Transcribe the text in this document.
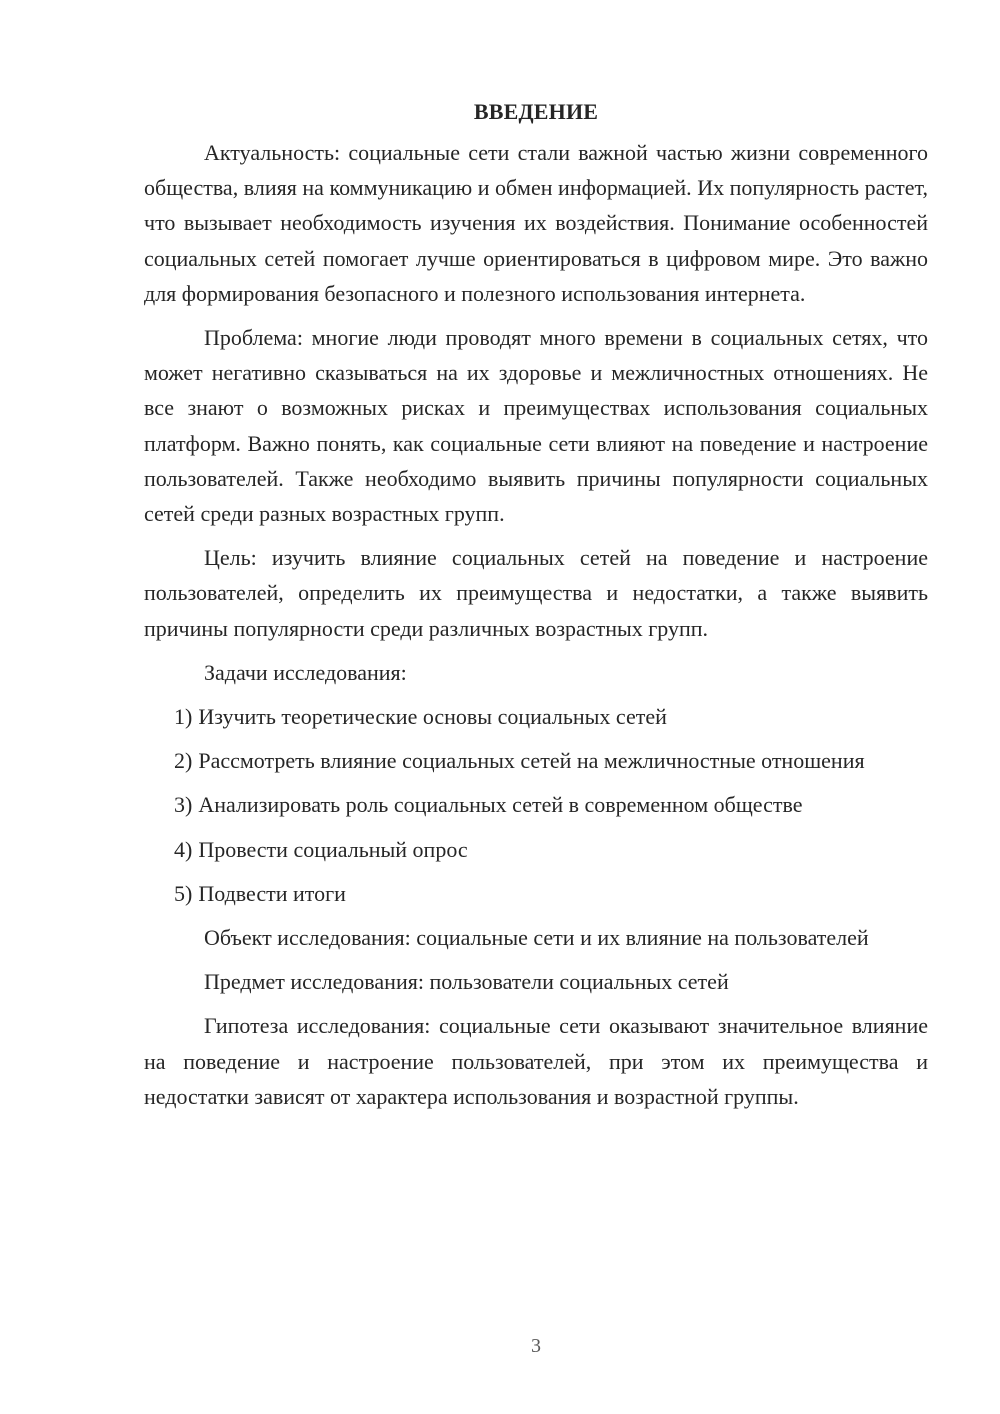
ВВЕДЕНИЕ

Актуальность: социальные сети стали важной частью жизни современного общества, влияя на коммуникацию и обмен информацией. Их популярность растет, что вызывает необходимость изучения их воздействия. Понимание особенностей социальных сетей помогает лучше ориентироваться в цифровом мире. Это важно для формирования безопасного и полезного использования интернета.

Проблема: многие люди проводят много времени в социальных сетях, что может негативно сказываться на их здоровье и межличностных отношениях. Не все знают о возможных рисках и преимуществах использования социальных платформ. Важно понять, как социальные сети влияют на поведение и настроение пользователей. Также необходимо выявить причины популярности социальных сетей среди разных возрастных групп.

Цель: изучить влияние социальных сетей на поведение и настроение пользователей, определить их преимущества и недостатки, а также выявить причины популярности среди различных возрастных групп.

Задачи исследования:

1) Изучить теоретические основы социальных сетей

2) Рассмотреть влияние социальных сетей на межличностные отношения

3) Анализировать роль социальных сетей в современном обществе

4) Провести социальный опрос

5) Подвести итоги

Объект исследования: социальные сети и их влияние на пользователей

Предмет исследования: пользователи социальных сетей

Гипотеза исследования: социальные сети оказывают значительное влияние на поведение и настроение пользователей, при этом их преимущества и недостатки зависят от характера использования и возрастной группы.

3
